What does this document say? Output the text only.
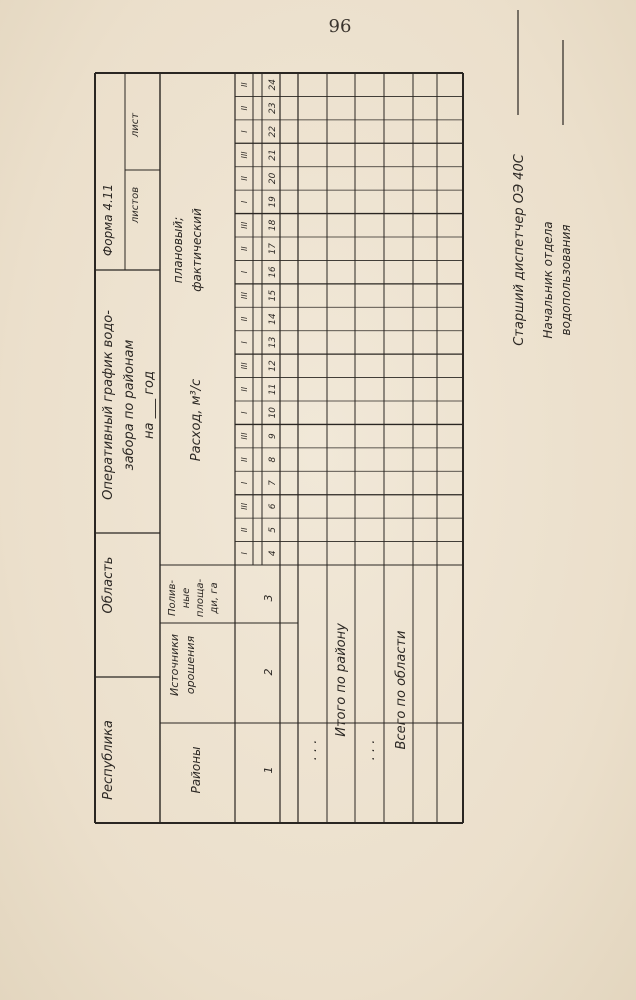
96
Республика
Область
Оперативный график водо- забора по районам на ___ год
Форма 4.11 листов
лист
Районы
Источники орошения
Полив- ные площа- ди, га
Расход, м³/с
плановый; фактический
I
II
III
I
II
III
I
II
III
I
II
III
I
II
III
I
II
III
I
II
II
4
5
6
7
8
9
10
11
12
13
14
15
16
17
18
19
20
21
22
23
24
1
2
3
. . .
Итого по району
. . .
Всего по области
Старший диспетчер ОЭ 40С Начальник отдела водопользования
